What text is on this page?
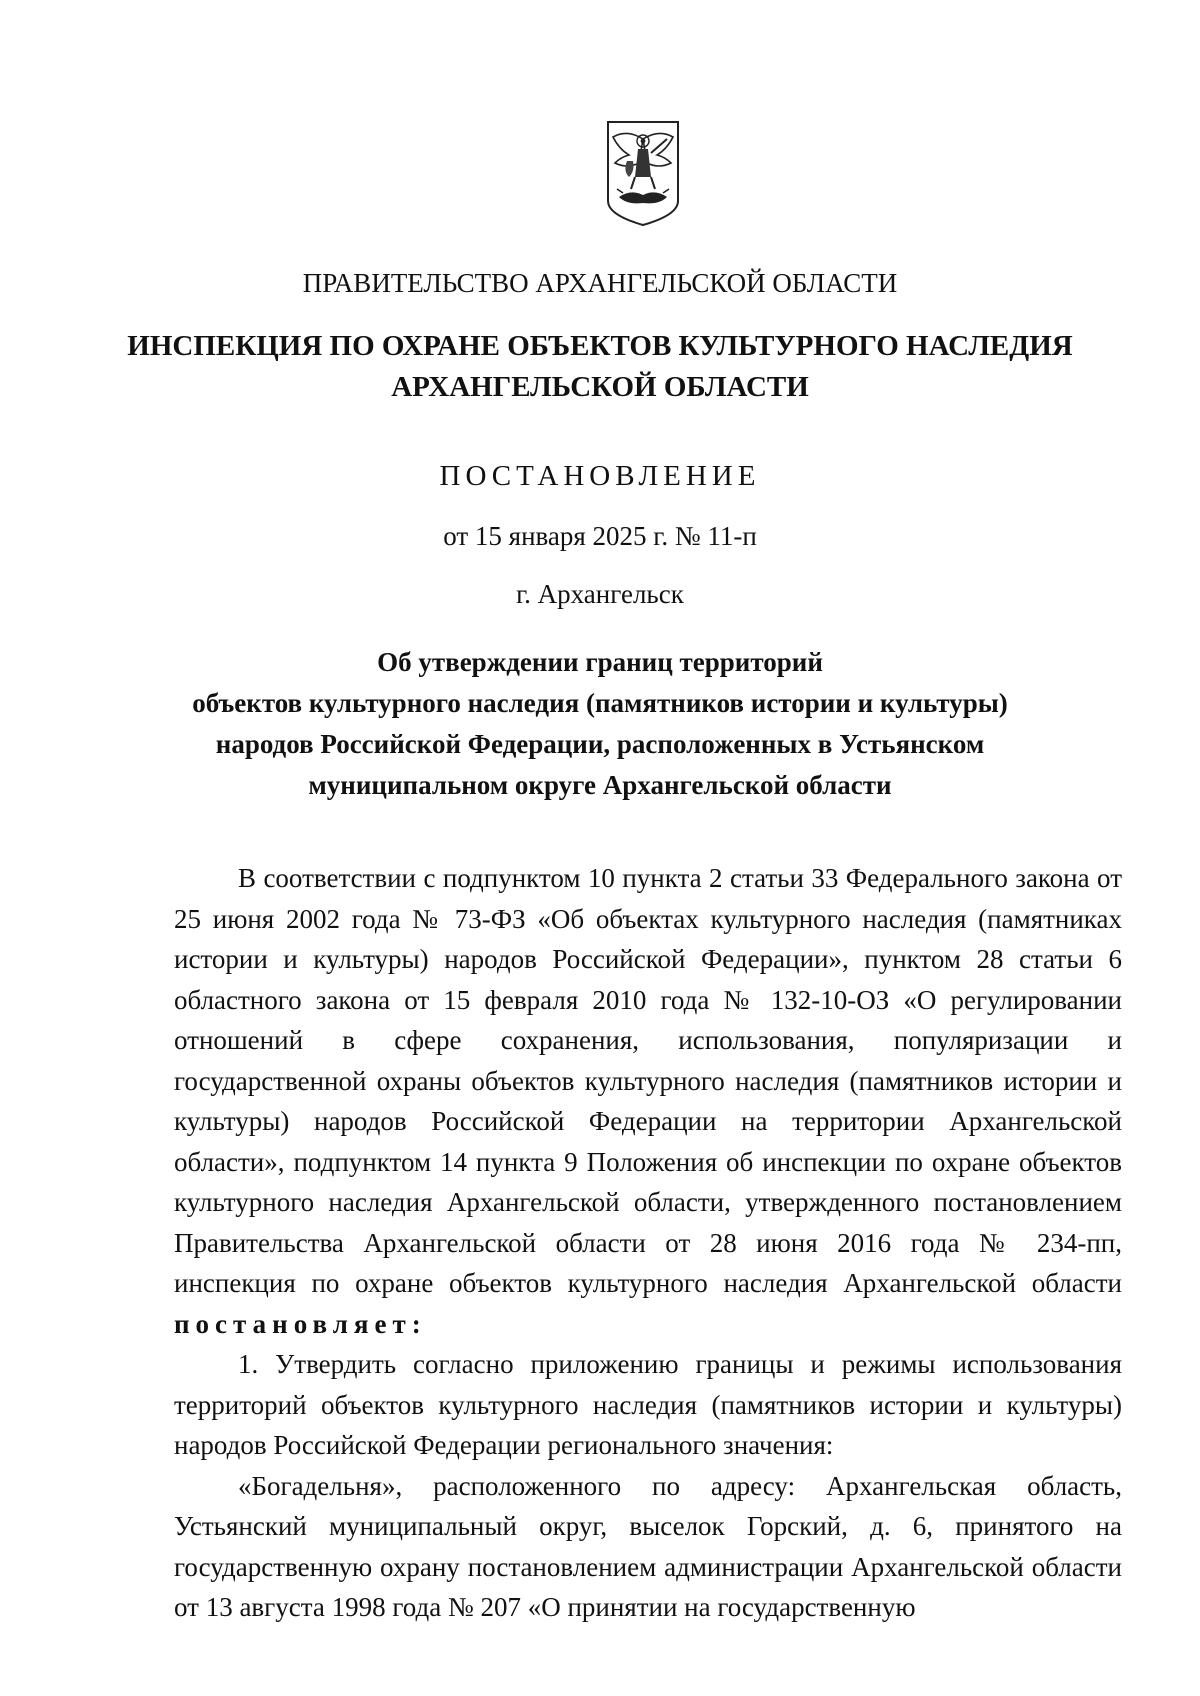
ПРАВИТЕЛЬСТВО АРХАНГЕЛЬСКОЙ ОБЛАСТИ
ИНСПЕКЦИЯ ПО ОХРАНЕ ОБЪЕКТОВ КУЛЬТУРНОГО НАСЛЕДИЯ
АРХАНГЕЛЬСКОЙ ОБЛАСТИ
ПОСТАНОВЛЕНИЕ
от 15 января 2025 г. № 11-п
г. Архангельск
Об утверждении границ территорий
объектов культурного наследия (памятников истории и культуры)
народов Российской Федерации, расположенных в Устьянском
муниципальном округе Архангельской области

В соответствии с подпунктом 10 пункта 2 статьи 33 Федерального закона от 25 июня 2002 года № 73-ФЗ «Об объектах культурного наследия (памятниках истории и культуры) народов Российской Федерации», пунктом 28 статьи 6 областного закона от 15 февраля 2010 года № 132-10-ОЗ «О регулировании отношений в сфере сохранения, использования, популяризации и государственной охраны объектов культурного наследия (памятников истории и культуры) народов Российской Федерации на территории Архангельской области», подпунктом 14 пункта 9 Положения об инспекции по охране объектов культурного наследия Архангельской области, утвержденного постановлением Правительства Архангельской области от 28 июня 2016 года № 234-пп, инспекция по охране объектов культурного наследия Архангельской области постановляет:

1. Утвердить согласно приложению границы и режимы использования территорий объектов культурного наследия (памятников истории и культуры) народов Российской Федерации регионального значения:

«Богадельня», расположенного по адресу: Архангельская область, Устьянский муниципальный округ, выселок Горский, д. 6, принятого на государственную охрану постановлением администрации Архангельской области от 13 августа 1998 года № 207 «О принятии на государственную
